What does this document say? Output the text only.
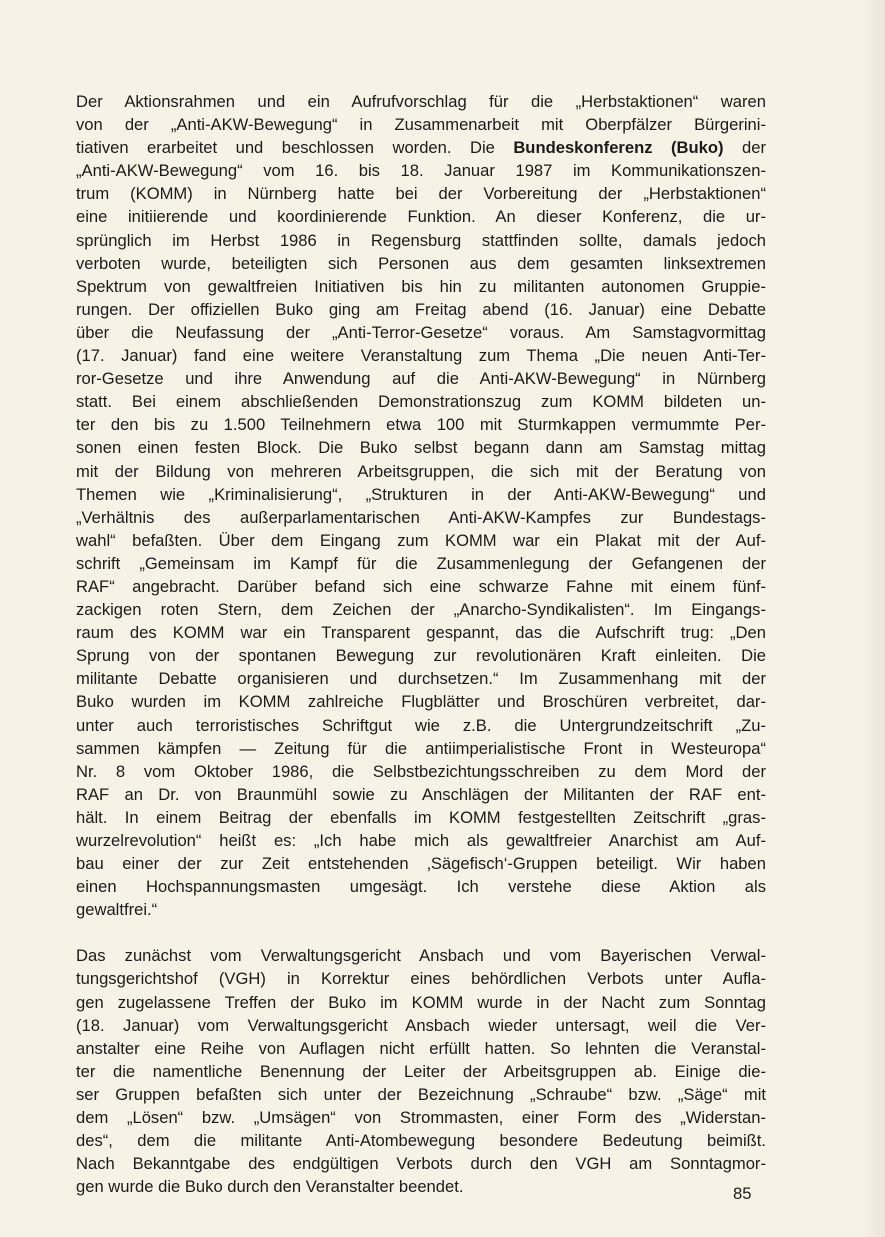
Der Aktionsrahmen und ein Aufrufvorschlag für die „Herbstaktionen“ waren
von der „Anti-AKW-Bewegung“ in Zusammenarbeit mit Oberpfälzer Bürgerini-
tiativen erarbeitet und beschlossen worden. Die Bundeskonferenz (Buko) der
„Anti-AKW-Bewegung“ vom 16. bis 18. Januar 1987 im Kommunikationszen-
trum (KOMM) in Nürnberg hatte bei der Vorbereitung der „Herbstaktionen“
eine initiierende und koordinierende Funktion. An dieser Konferenz, die ur-
sprünglich im Herbst 1986 in Regensburg stattfinden sollte, damals jedoch
verboten wurde, beteiligten sich Personen aus dem gesamten linksextremen
Spektrum von gewaltfreien Initiativen bis hin zu militanten autonomen Gruppie-
rungen. Der offiziellen Buko ging am Freitag abend (16. Januar) eine Debatte
über die Neufassung der „Anti-Terror-Gesetze“ voraus. Am Samstagvormittag
(17. Januar) fand eine weitere Veranstaltung zum Thema „Die neuen Anti-Ter-
ror-Gesetze und ihre Anwendung auf die Anti-AKW-Bewegung“ in Nürnberg
statt. Bei einem abschließenden Demonstrationszug zum KOMM bildeten un-
ter den bis zu 1.500 Teilnehmern etwa 100 mit Sturmkappen vermummte Per-
sonen einen festen Block. Die Buko selbst begann dann am Samstag mittag
mit der Bildung von mehreren Arbeitsgruppen, die sich mit der Beratung von
Themen wie „Kriminalisierung“, „Strukturen in der Anti-AKW-Bewegung“ und
„Verhältnis des außerparlamentarischen Anti-AKW-Kampfes zur Bundestags-
wahl“ befaßten. Über dem Eingang zum KOMM war ein Plakat mit der Auf-
schrift „Gemeinsam im Kampf für die Zusammenlegung der Gefangenen der
RAF“ angebracht. Darüber befand sich eine schwarze Fahne mit einem fünf-
zackigen roten Stern, dem Zeichen der „Anarcho-Syndikalisten“. Im Eingangs-
raum des KOMM war ein Transparent gespannt, das die Aufschrift trug: „Den
Sprung von der spontanen Bewegung zur revolutionären Kraft einleiten. Die
militante Debatte organisieren und durchsetzen.“ Im Zusammenhang mit der
Buko wurden im KOMM zahlreiche Flugblätter und Broschüren verbreitet, dar-
unter auch terroristisches Schriftgut wie z.B. die Untergrundzeitschrift „Zu-
sammen kämpfen — Zeitung für die antiimperialistische Front in Westeuropa“
Nr. 8 vom Oktober 1986, die Selbstbezichtungsschreiben zu dem Mord der
RAF an Dr. von Braunmühl sowie zu Anschlägen der Militanten der RAF ent-
hält. In einem Beitrag der ebenfalls im KOMM festgestellten Zeitschrift „gras-
wurzelrevolution“ heißt es: „Ich habe mich als gewaltfreier Anarchist am Auf-
bau einer der zur Zeit entstehenden ‚Sägefisch‘-Gruppen beteiligt. Wir haben
einen Hochspannungsmasten umgesägt. Ich verstehe diese Aktion als
gewaltfrei.“

Das zunächst vom Verwaltungsgericht Ansbach und vom Bayerischen Verwal-
tungsgerichtshof (VGH) in Korrektur eines behördlichen Verbots unter Aufla-
gen zugelassene Treffen der Buko im KOMM wurde in der Nacht zum Sonntag
(18. Januar) vom Verwaltungsgericht Ansbach wieder untersagt, weil die Ver-
anstalter eine Reihe von Auflagen nicht erfüllt hatten. So lehnten die Veranstal-
ter die namentliche Benennung der Leiter der Arbeitsgruppen ab. Einige die-
ser Gruppen befaßten sich unter der Bezeichnung „Schraube“ bzw. „Säge“ mit
dem „Lösen“ bzw. „Umsägen“ von Strommasten, einer Form des „Widerstan-
des“, dem die militante Anti-Atombewegung besondere Bedeutung beimißt.
Nach Bekanntgabe des endgültigen Verbots durch den VGH am Sonntagmor-
gen wurde die Buko durch den Veranstalter beendet.	85
